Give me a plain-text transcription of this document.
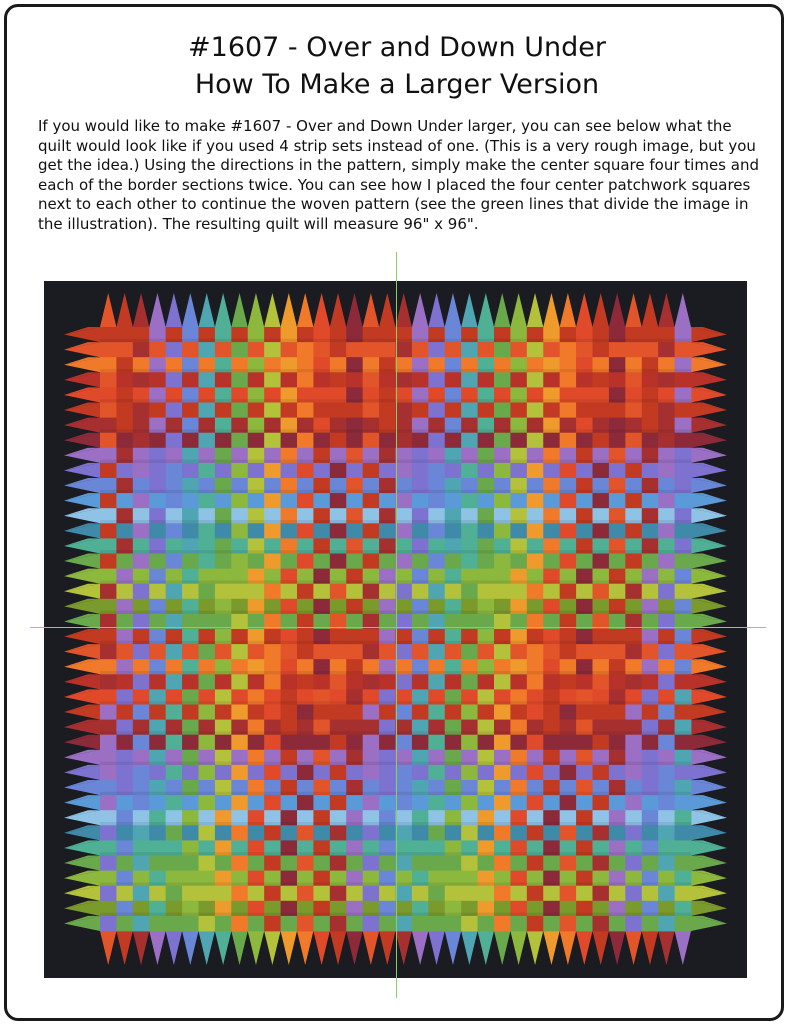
#1607 - Over and Down Under
How To Make a Larger Version

If you would like to make #1607 - Over and Down Under larger, you can see below what the quilt would look like if you used 4 strip sets instead of one. (This is a very rough image, but you get the idea.) Using the directions in the pattern, simply make the center square four times and each of the border sections twice. You can see how I placed the four center patchwork squares next to each other to continue the woven pattern (see the green lines that divide the image in the illustration). The resulting quilt will measure 96" x 96".
